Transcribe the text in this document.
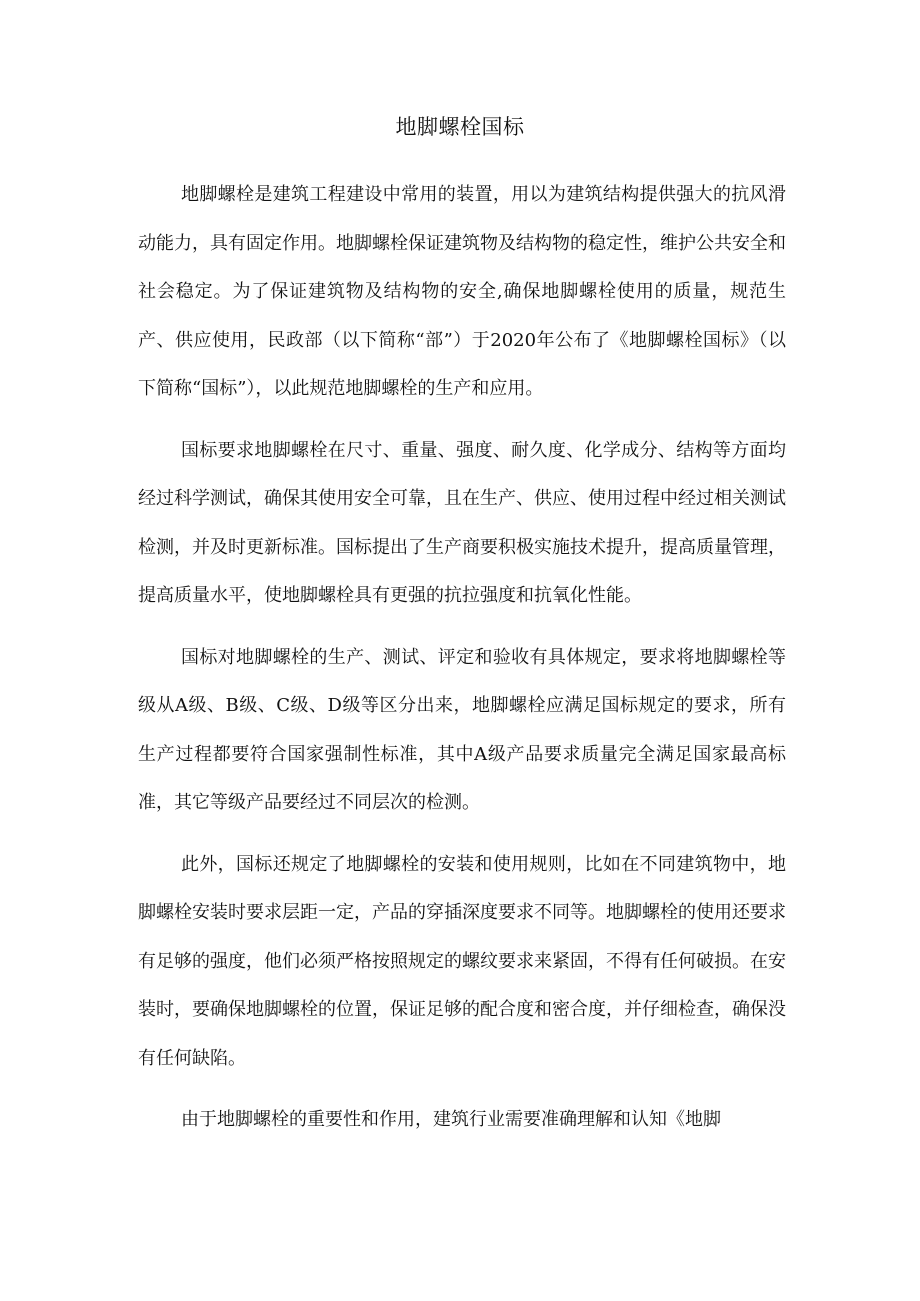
地脚螺栓国标

地脚螺栓是建筑工程建设中常用的装置，用以为建筑结构提供强大的抗风滑动能力，具有固定作用。地脚螺栓保证建筑物及结构物的稳定性，维护公共安全和社会稳定。为了保证建筑物及结构物的安全,确保地脚螺栓使用的质量，规范生产、供应使用，民政部（以下简称“部”）于2020年公布了《地脚螺栓国标》（以下简称“国标”），以此规范地脚螺栓的生产和应用。

国标要求地脚螺栓在尺寸、重量、强度、耐久度、化学成分、结构等方面均经过科学测试，确保其使用安全可靠，且在生产、供应、使用过程中经过相关测试检测，并及时更新标准。国标提出了生产商要积极实施技术提升，提高质量管理，提高质量水平，使地脚螺栓具有更强的抗拉强度和抗氧化性能。

国标对地脚螺栓的生产、测试、评定和验收有具体规定，要求将地脚螺栓等级从A级、B级、C级、D级等区分出来，地脚螺栓应满足国标规定的要求，所有生产过程都要符合国家强制性标准，其中A级产品要求质量完全满足国家最高标准，其它等级产品要经过不同层次的检测。

此外，国标还规定了地脚螺栓的安装和使用规则，比如在不同建筑物中，地脚螺栓安装时要求层距一定，产品的穿插深度要求不同等。地脚螺栓的使用还要求有足够的强度，他们必须严格按照规定的螺纹要求来紧固，不得有任何破损。在安装时，要确保地脚螺栓的位置，保证足够的配合度和密合度，并仔细检查，确保没有任何缺陷。

由于地脚螺栓的重要性和作用，建筑行业需要准确理解和认知《地脚
